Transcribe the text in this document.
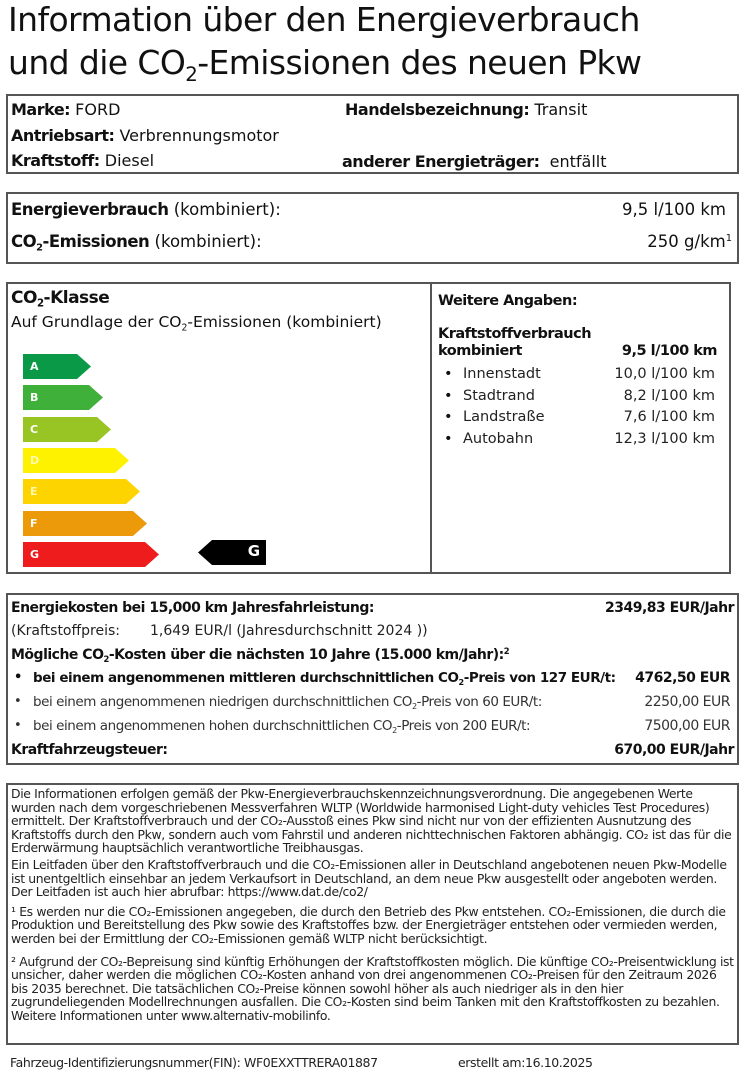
Information über den Energieverbrauch
und die $CO_2$-Emissionen des neuen Pkw
Marke: FORD	Handelsbezeichnung: Transit
Antriebsart: Verbrennungsmotor
Kraftstoff: Diesel	anderer Energieträger: entfällt
Energieverbrauch (kombiniert):	9,5 l/100 km
$CO_2$-Emissionen (kombiniert):	250 $g/km^1$
$CO_2$-Klasse
Auf Grundlage der $CO_2$-Emissionen (kombiniert)
A
B
C
D
E
F
G	G
Weitere Angaben:
Kraftstoffverbrauch
kombiniert	9,5 l/100 km
• Innenstadt	10,0 l/100 km
• Stadtrand	8,2 l/100 km
• Landstraße	7,6 l/100 km
• Autobahn	12,3 l/100 km
Energiekosten bei 15,000 km Jahresfahrleistung:	2349,83 EUR/Jahr
(Kraftstoffpreis: 1,649 EUR/l (Jahresdurchschnitt 2024 ))
Mögliche $CO_2$-Kosten über die nächsten 10 Jahre (15.000 km/Jahr):$^2$
• bei einem angenommenen mittleren durchschnittlichen $CO_2$-Preis von 127 EUR/t: 4762,50 EUR
• bei einem angenommenen niedrigen durchschnittlichen $CO_2$-Preis von 60 EUR/t:	2250,00 EUR
• bei einem angenommenen hohen durchschnittlichen $CO_2$-Preis von 200 EUR/t:	7500,00 EUR
Kraftfahrzeugsteuer:	670,00 EUR/Jahr

Die Informationen erfolgen gemäß der Pkw-Energieverbrauchskennzeichnungsverordnung. Die angegebenen Werte wurden nach dem vorgeschriebenen Messverfahren WLTP (Worldwide harmonised Light-duty vehicles Test Procedures) ermittelt. Der Kraftstoffverbrauch und der CO₂-Ausstoß eines Pkw sind nicht nur von der effizienten Ausnutzung des Kraftstoffs durch den Pkw, sondern auch vom Fahrstil und anderen nichttechnischen Faktoren abhängig. CO₂ ist das für die Erderwärmung hauptsächlich verantwortliche Treibhausgas.

Ein Leitfaden über den Kraftstoffverbrauch und die CO₂-Emissionen aller in Deutschland angebotenen neuen Pkw-Modelle ist unentgeltlich einsehbar an jedem Verkaufsort in Deutschland, an dem neue Pkw ausgestellt oder angeboten werden. Der Leitfaden ist auch hier abrufbar: https://www.dat.de/co2/

¹ Es werden nur die CO₂-Emissionen angegeben, die durch den Betrieb des Pkw entstehen. CO₂-Emissionen, die durch die Produktion und Bereitstellung des Pkw sowie des Kraftstoffes bzw. der Energieträger entstehen oder vermieden werden, werden bei der Ermittlung der CO₂-Emissionen gemäß WLTP nicht berücksichtigt.

² Aufgrund der CO₂-Bepreisung sind künftig Erhöhungen der Kraftstoffkosten möglich. Die künftige CO₂-Preisentwicklung ist unsicher, daher werden die möglichen CO₂-Kosten anhand von drei angenommenen CO₂-Preisen für den Zeitraum 2026 bis 2035 berechnet. Die tatsächlichen CO₂-Preise können sowohl höher als auch niedriger als in den hier zugrundeliegenden Modellrechnungen ausfallen. Die CO₂-Kosten sind beim Tanken mit den Kraftstoffkosten zu bezahlen. Weitere Informationen unter www.alternativ-mobilinfo.

Fahrzeug-Identifizierungsnummer(FIN): WF0EXXTTRERA01887	erstellt am:16.10.2025
